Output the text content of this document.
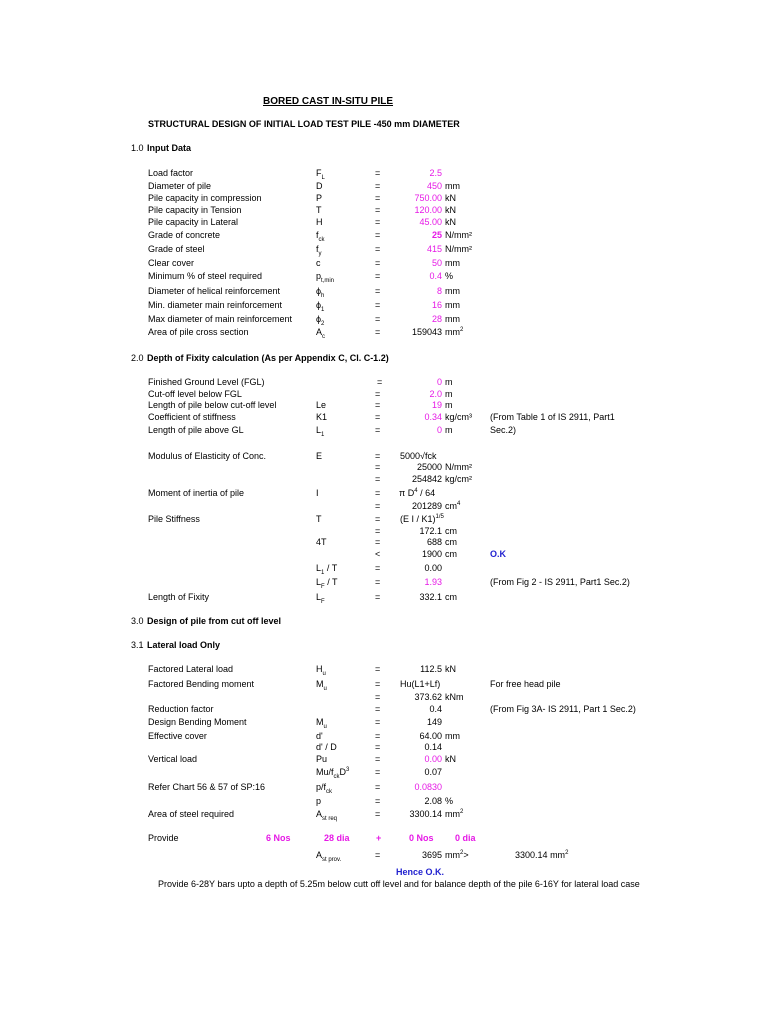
BORED CAST IN-SITU PILE
STRUCTURAL DESIGN OF INITIAL LOAD TEST PILE -450 mm DIAMETER
1.0 Input Data
Load factor	$F_L$	=	2.5
Diameter of pile	D	=	450 mm
Pile capacity in compression	P	=	750.00 kN
Pile capacity in Tension	T	=	120.00 kN
Pile capacity in Lateral	H	=	45.00 kN
Grade of concrete	$f_{ck}$	=	25 N/mm²
Grade of steel	$f_y$	=	415 N/mm²
Clear cover	c	=	50 mm
Minimum % of steel required	$p_{t,min}$	=	0.4 %
Diameter of helical reinforcement	$\phi_h$	=	8 mm
Min. diameter main reinforcement	$\phi_1$	=	16 mm
Max diameter of main reinforcement	$\phi_2$	=	28 mm
Area of pile cross section	$A_c$	=	159043 $mm^2$
2.0 Depth of Fixity calculation (As per Appendix C, Cl. C-1.2)
Finished Ground Level (FGL)	=	0 m
Cut-off level below FGL	=	2.0 m
Length of pile below cut-off level	Le	=	19 m
Coefficient of stiffness	K1	=	0.34 kg/cm³ (From Table 1 of IS 2911, Part1
Length of pile above GL	$L_1$	=	0 m	Sec.2)
Modulus of Elasticity of Conc.	E	= 5000√fck
=	25000 N/mm²
=	254842 kg/cm²
Moment of inertia of pile	I	= π $D^4 / 64$
=	201289 $cm^4$
Pile Stiffness	T	= (E I / K1)$^{1/5}$
=	172.1 cm
4T	=	688 cm
<	1900 cm	O.K
$L_1$ / T	=	0.00
$L_F$ / T	=	1.93	(From Fig 2 - IS 2911, Part1 Sec.2)
Length of Fixity	$L_F$	=	332.1 cm
3.0 Design of pile from cut off level
3.1 Lateral load Only
Factored Lateral load	$H_u$	=	112.5 kN
Factored Bending moment	$M_u$	= Hu(L1+Lf)	For free head pile
=	373.62 kNm
Reduction factor	=	0.4	(From Fig 3A- IS 2911, Part 1 Sec.2)
Design Bending Moment	$M_u$	=	149
Effective cover	d'	=	64.00 mm
d' / D	=	0.14
Vertical load	Pu	=	0.00 kN
$Mu/f_{ck}D^3$	=	0.07
Refer Chart 56 & 57 of SP:16	$p/f_{ck}$	=	0.0830
p	=	2.08 %
Area of steel required	$A_{st req}$	=	3300.14 $mm^2$
Provide	6 Nos	28 dia	+	0 Nos 0 dia
$A_{st prov.}$	=	3695 $mm^2>$	3300.14 $mm^2$
Hence O.K.
Provide 6-28Y bars upto a depth of 5.25m below cutt off level and for balance depth of the pile 6-16Y for lateral load case
